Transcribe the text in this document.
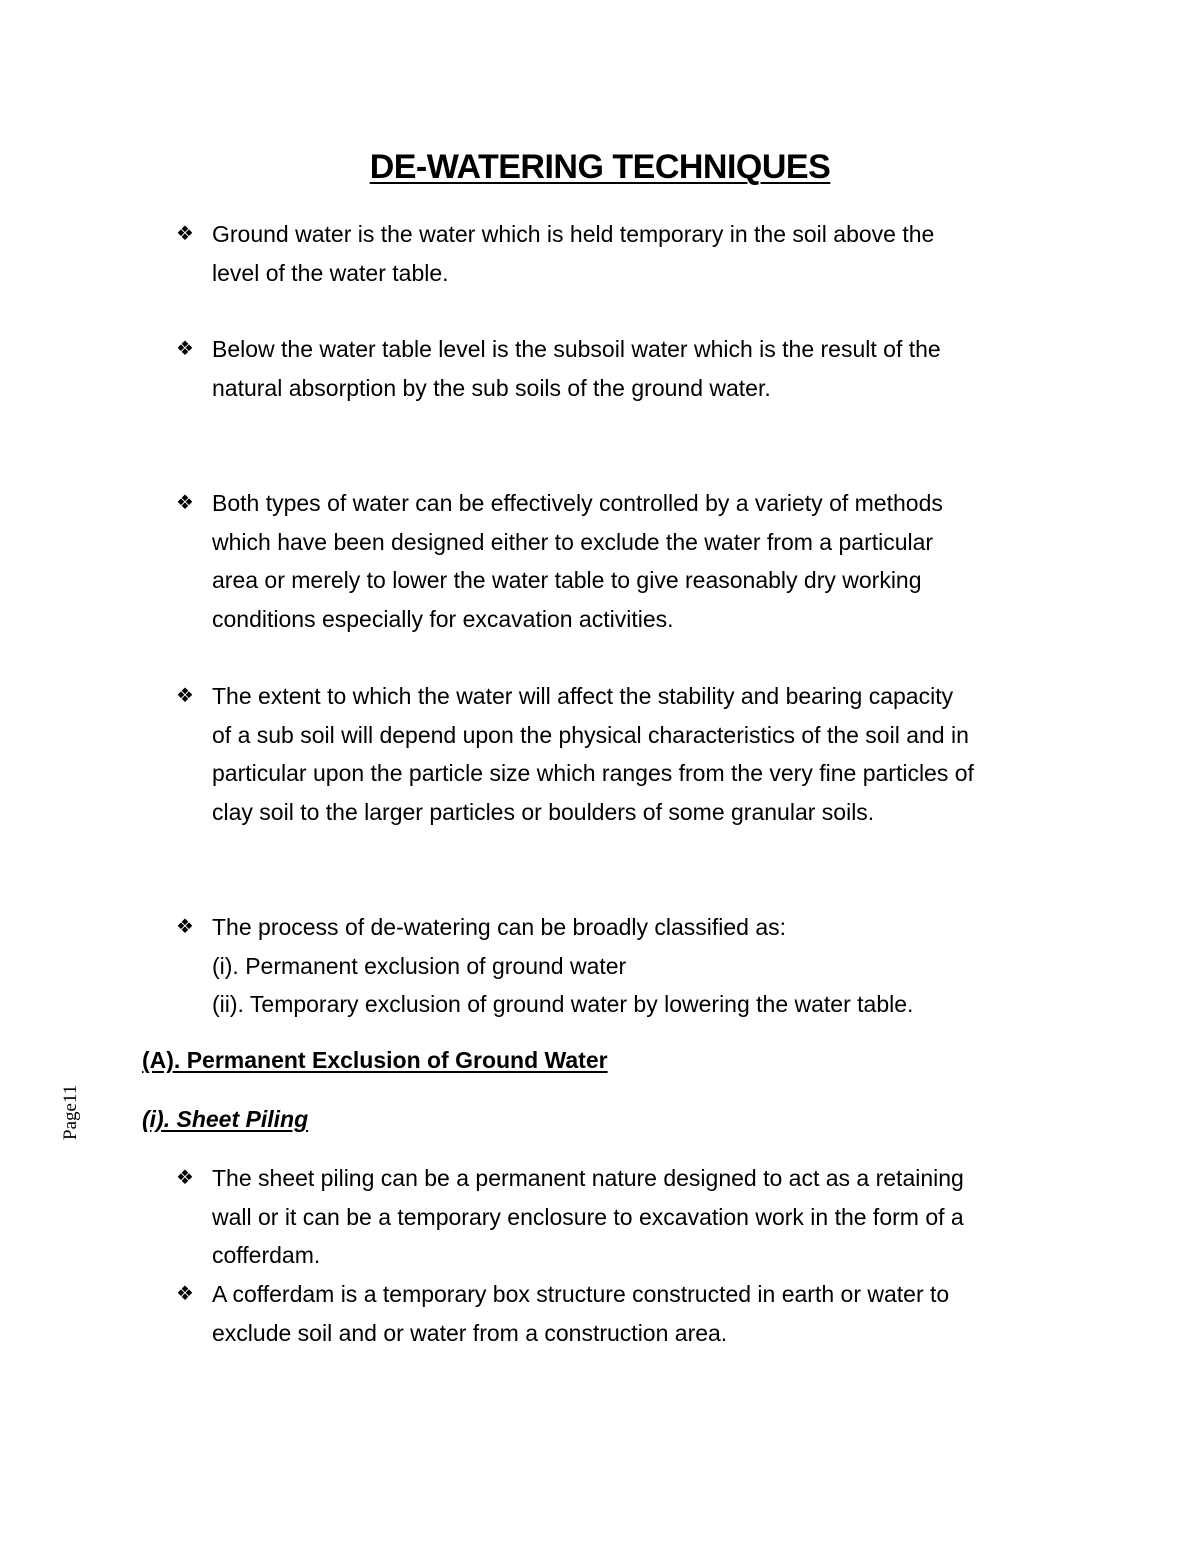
DE-WATERING TECHNIQUES
❖ Ground water is the water which is held temporary in the soil above the
level of the water table.
❖ Below the water table level is the subsoil water which is the result of the
natural absorption by the sub soils of the ground water.
❖ Both types of water can be effectively controlled by a variety of methods
which have been designed either to exclude the water from a particular
area or merely to lower the water table to give reasonably dry working
conditions especially for excavation activities.
❖ The extent to which the water will affect the stability and bearing capacity
of a sub soil will depend upon the physical characteristics of the soil and in
particular upon the particle size which ranges from the very fine particles of
clay soil to the larger particles or boulders of some granular soils.
❖ The process of de-watering can be broadly classified as:
(i). Permanent exclusion of ground water
(ii). Temporary exclusion of ground water by lowering the water table.
(A). Permanent Exclusion of Ground Water
(i). Sheet Piling
❖ The sheet piling can be a permanent nature designed to act as a retaining
wall or it can be a temporary enclosure to excavation work in the form of a
cofferdam.
❖ A cofferdam is a temporary box structure constructed in earth or water to
exclude soil and or water from a construction area.
Page11
